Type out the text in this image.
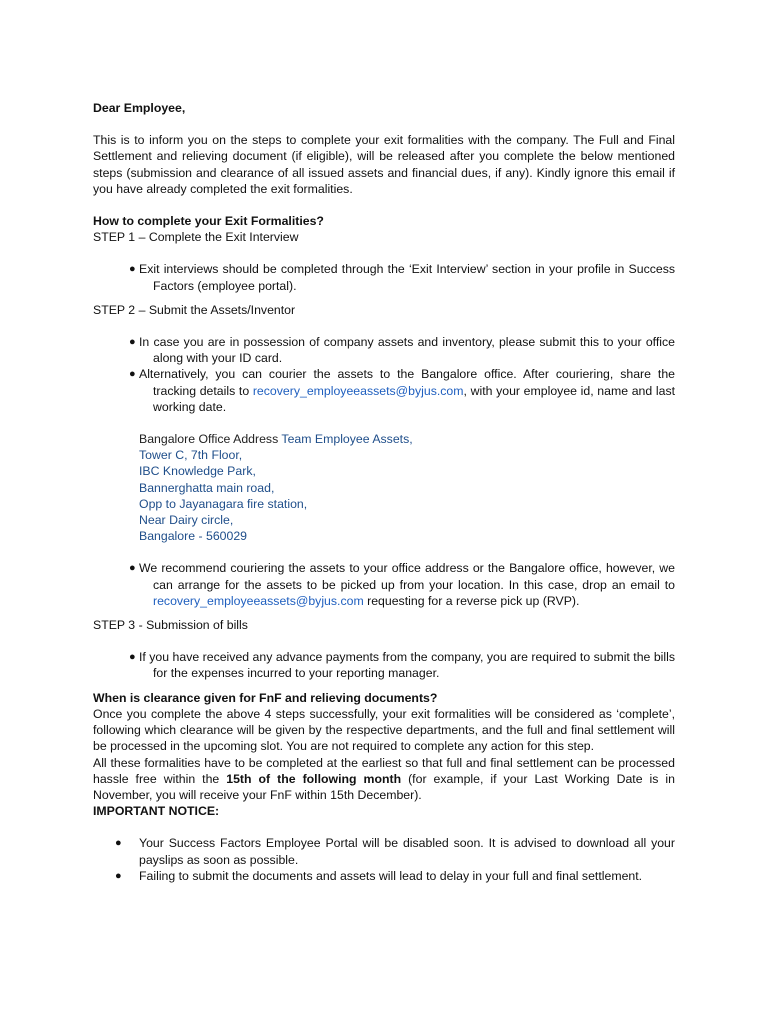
Dear Employee,

This is to inform you on the steps to complete your exit formalities with the company. The Full and Final Settlement and relieving document (if eligible), will be released after you complete the below mentioned steps (submission and clearance of all issued assets and financial dues, if any). Kindly ignore this email if you have already completed the exit formalities.

How to complete your Exit Formalities?

STEP 1 – Complete the Exit Interview

● Exit interviews should be completed through the ‘Exit Interview’ section in your profile in Success Factors (employee portal).

STEP 2 – Submit the Assets/Inventor

● In case you are in possession of company assets and inventory, please submit this to your office along with your ID card.
● Alternatively, you can courier the assets to the Bangalore office. After couriering, share the tracking details to recovery_employeeassets@byjus.com, with your employee id, name and last working date.
Bangalore Office Address Team Employee Assets,
Tower C, 7th Floor,
IBC Knowledge Park,
Bannerghatta main road,
Opp to Jayanagara fire station,
Near Dairy circle,
Bangalore - 560029
● We recommend couriering the assets to your office address or the Bangalore office, however, we can arrange for the assets to be picked up from your location. In this case, drop an email to recovery_employeeassets@byjus.com requesting for a reverse pick up (RVP).

STEP 3 - Submission of bills

● If you have received any advance payments from the company, you are required to submit the bills for the expenses incurred to your reporting manager.

When is clearance given for FnF and relieving documents?

Once you complete the above 4 steps successfully, your exit formalities will be considered as ‘complete’, following which clearance will be given by the respective departments, and the full and final settlement will be processed in the upcoming slot. You are not required to complete any action for this step.

All these formalities have to be completed at the earliest so that full and final settlement can be processed hassle free within the 15th of the following month (for example, if your Last Working Date is in November, you will receive your FnF within 15th December).

IMPORTANT NOTICE:

● Your Success Factors Employee Portal will be disabled soon. It is advised to download all your payslips as soon as possible.
● Failing to submit the documents and assets will lead to delay in your full and final settlement.
